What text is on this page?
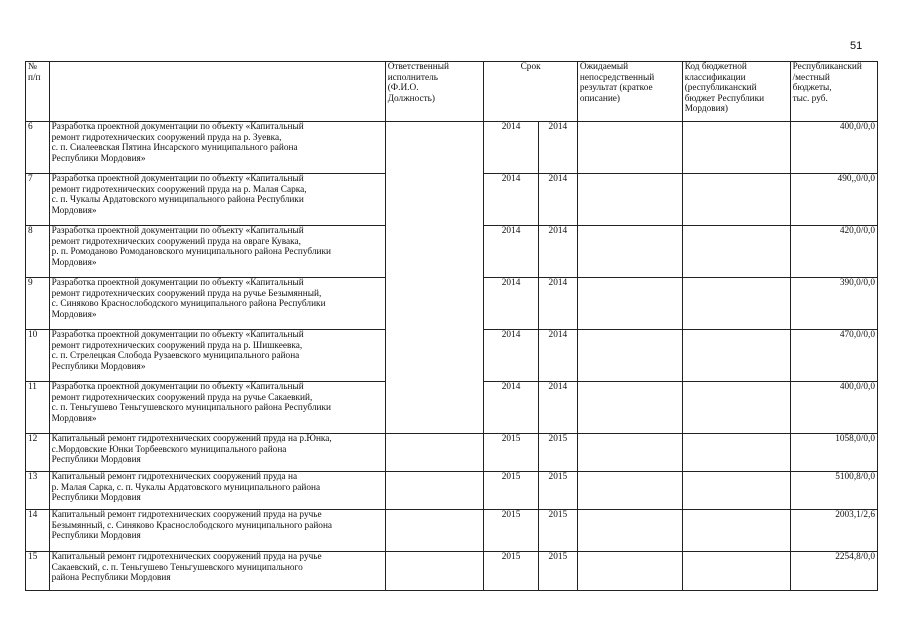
51
№ п/п		Ответственный
исполнитель
(Ф.И.О.
Должность)	Срок		Ожидаемый
непосредственный
результат (краткое
описание)	Код бюджетной
классификации
(республиканский
бюджет Республики
Мордовия)	Республиканский
/местный
бюджеты,
тыс. руб.
6	Разработка проектной документации по объекту «Капитальный
ремонт гидротехнических сооружений пруда на р. Зуевка,
с. п. Сиалеевская Пятина Инсарского муниципального района
Республики Мордовия»		2014	2014			400,0/0,0
7	Разработка проектной документации по объекту «Капитальный
ремонт гидротехнических сооружений пруда на р. Малая Сарка,
с. п. Чукалы Ардатовского муниципального района Республики
Мордовия»		2014	2014			490,,0/0,0
8	Разработка проектной документации по объекту «Капитальный
ремонт гидротехнических сооружений пруда на овраге Кувака,
р. п. Ромоданово Ромодановского муниципального района Республики
Мордовия»		2014	2014			420,0/0,0
9	Разработка проектной документации по объекту «Капитальный
ремонт гидротехнических сооружений пруда на ручье Безымянный,
с. Синяково Краснослободского муниципального района Республики
Мордовия»		2014	2014			390,0/0,0
10	Разработка проектной документации по объекту «Капитальный
ремонт гидротехнических сооружений пруда на р. Шишкеевка,
с. п. Стрелецкая Слобода Рузаевского муниципального района
Республики Мордовия»		2014	2014			470,0/0,0
11	Разработка проектной документации по объекту «Капитальный
ремонт гидротехнических сооружений пруда на ручье Сакаевкий,
с. п. Теньгушево Теньгушевского муниципального района Республики
Мордовия»		2014	2014			400,0/0,0
12	Капитальный ремонт гидротехнических сооружений пруда на р.Юнка,
с.Мордовские Юнки Торбеевского муниципального района
Республики Мордовия		2015	2015			1058,0/0,0
13	Капитальный ремонт гидротехнических сооружений пруда на
р. Малая Сарка, с. п. Чукалы Ардатовского муниципального района
Республики Мордовия		2015	2015			5100,8/0,0
14	Капитальный ремонт гидротехнических сооружений пруда на ручье
Безымянный, с. Синяково Краснослободского муниципального района
Республики Мордовия		2015	2015			2003,1/2,6
15	Капитальный ремонт гидротехнических сооружений пруда на ручье
Сакаевский, с. п. Теньгушево Теньгушевского муниципального
района Республики Мордовия		2015	2015			2254,8/0,0
